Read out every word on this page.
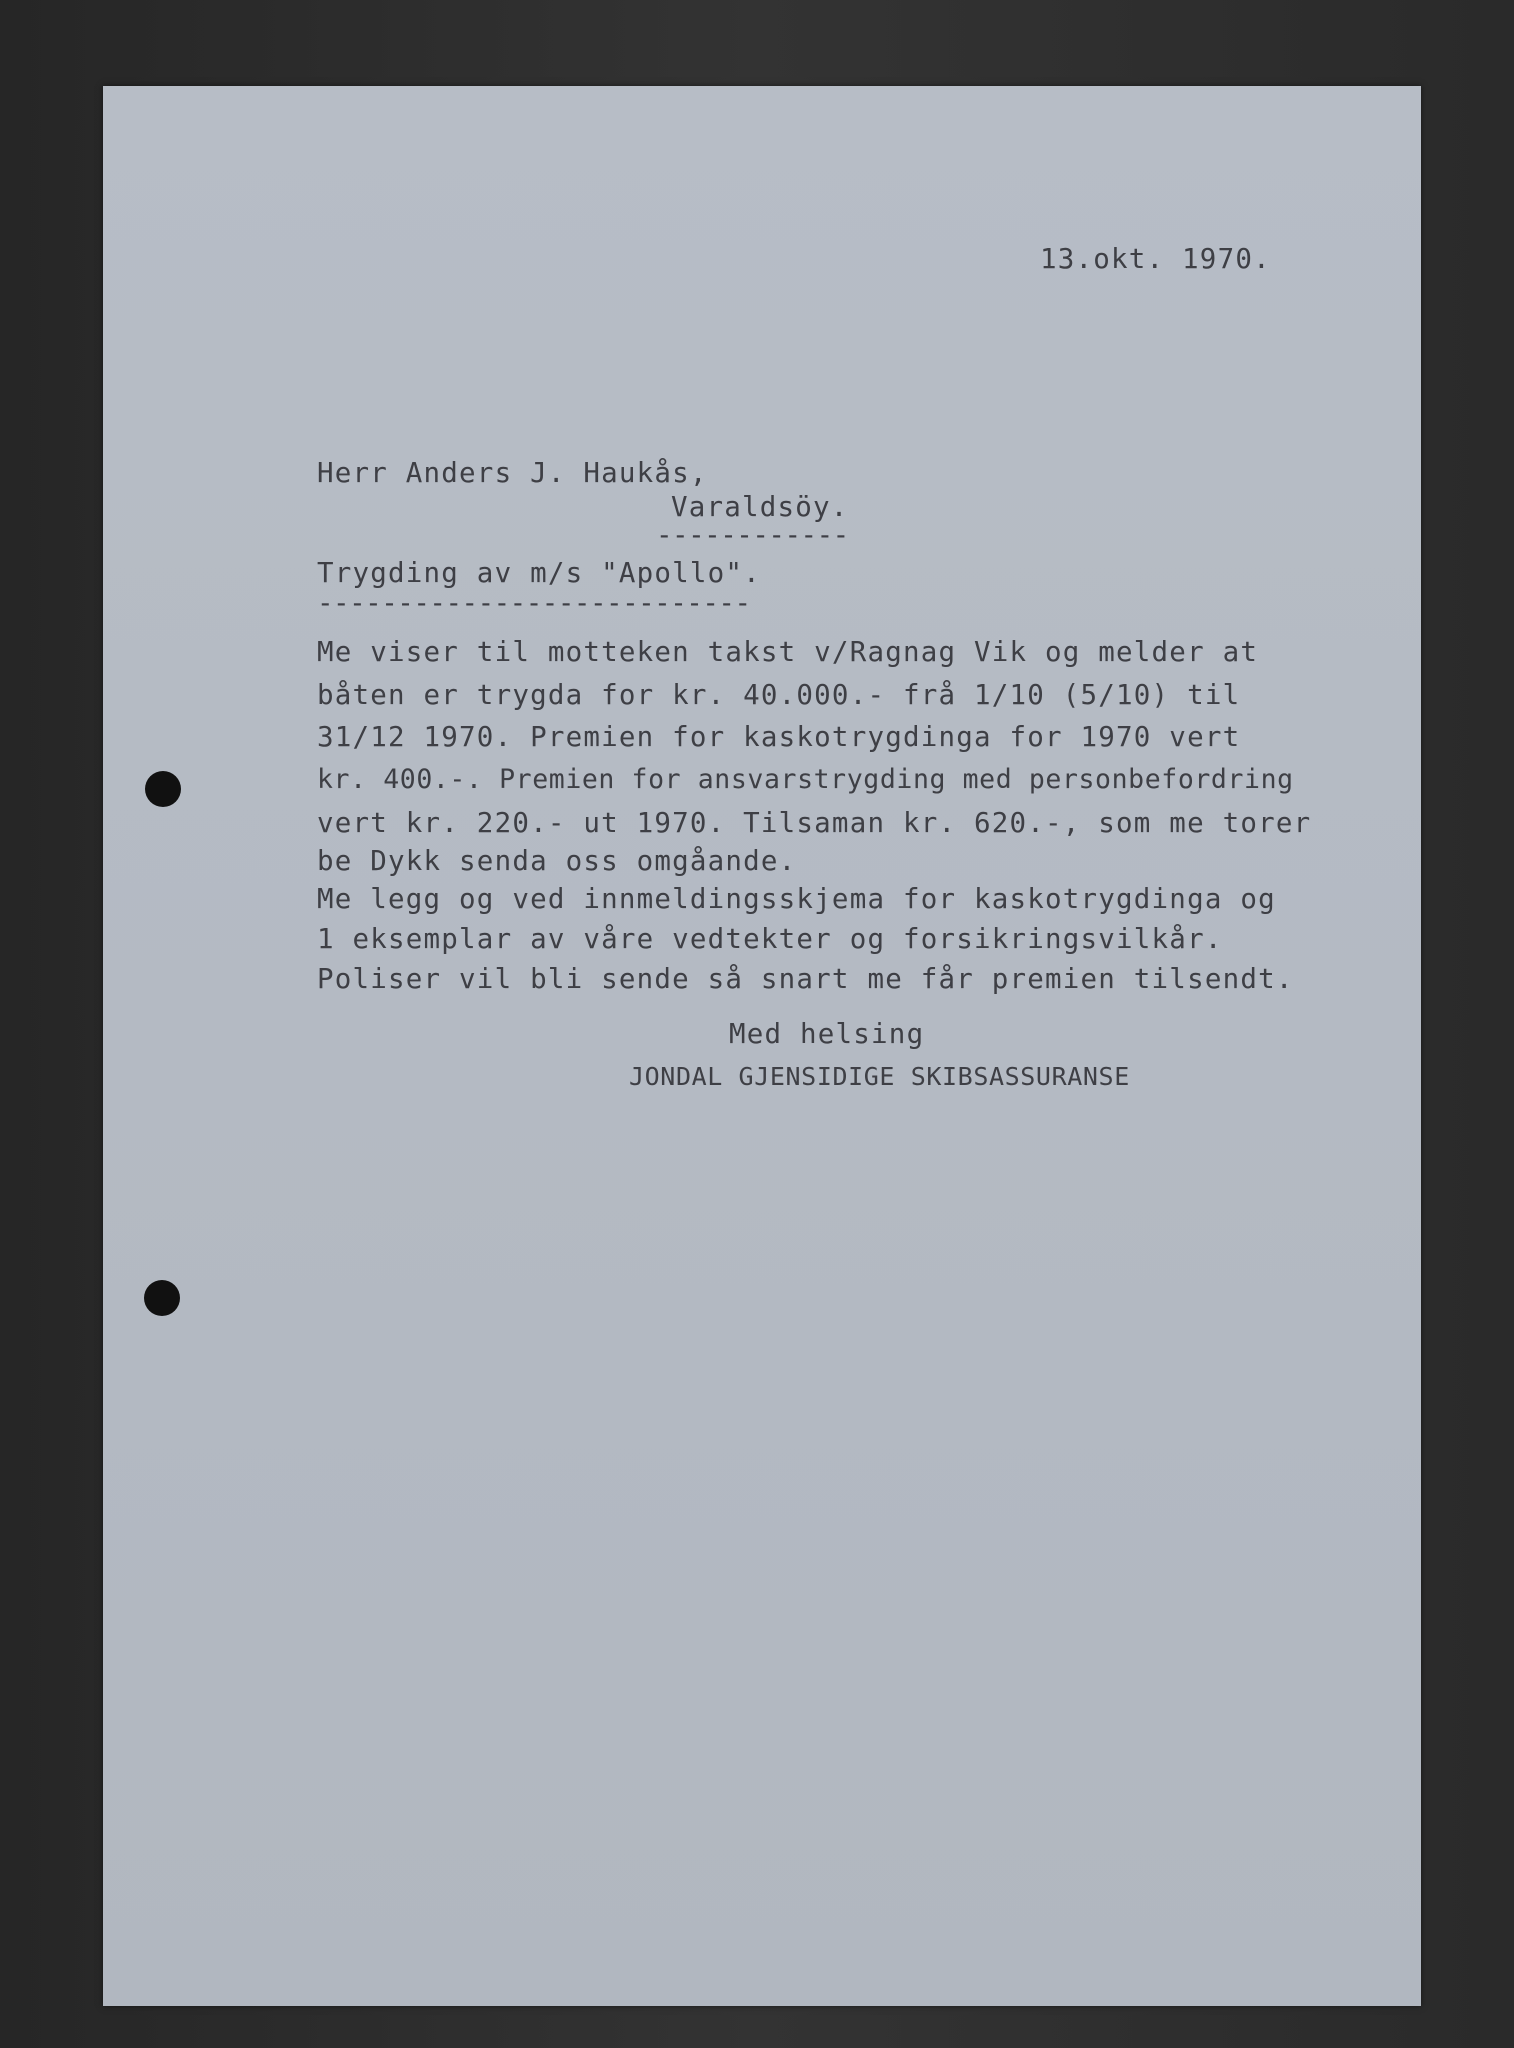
13.okt. 1970.
Herr Anders J. Haukås,
Varaldsöy.
------------
Trygding av m/s "Apollo".
---------------------------
Me viser til motteken takst v/Ragnag Vik og melder at
båten er trygda for kr. 40.000.- frå 1/10 (5/10) til
31/12 1970. Premien for kaskotrygdinga for 1970 vert
kr. 400.-. Premien for ansvarstrygding med personbefordring
vert kr. 220.- ut 1970. Tilsaman kr. 620.-, som me torer
be Dykk senda oss omgåande.
Me legg og ved innmeldingsskjema for kaskotrygdinga og
1 eksemplar av våre vedtekter og forsikringsvilkår.
Poliser vil bli sende så snart me får premien tilsendt.
Med helsing
JONDAL GJENSIDIGE SKIBSASSURANSE
